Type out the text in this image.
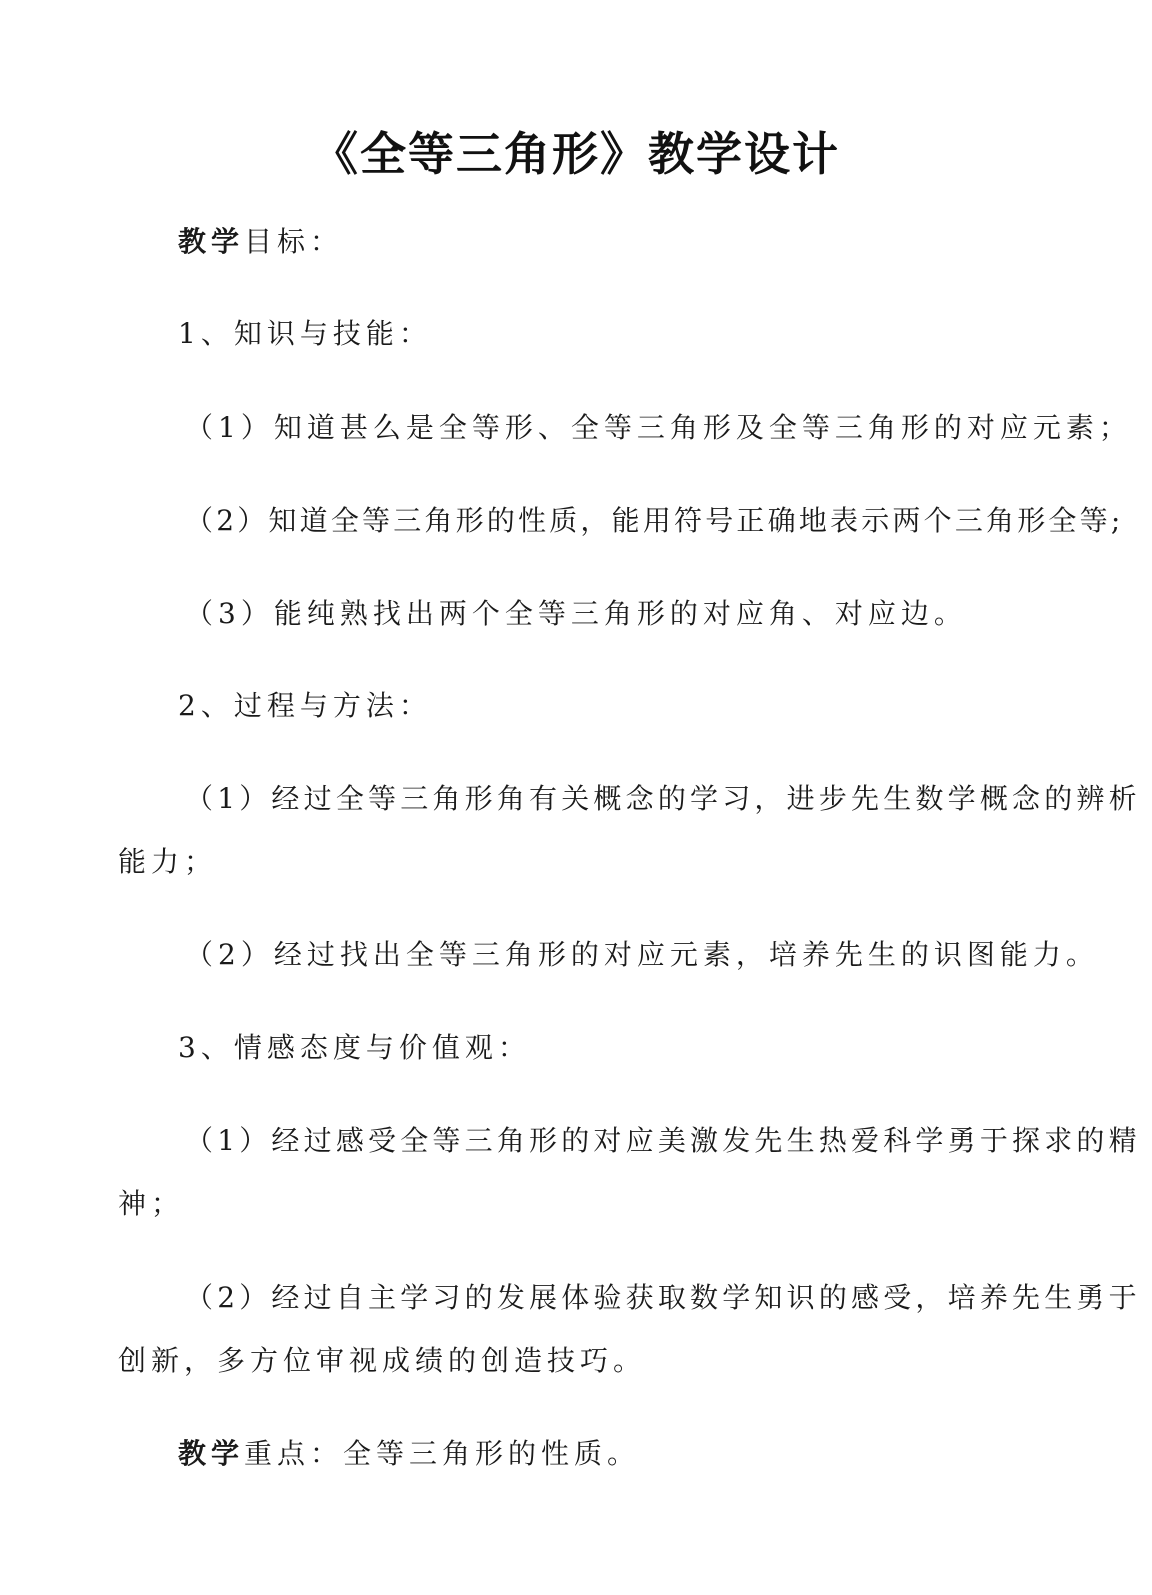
《全等三角形》教学设计
教学目标：
1、知识与技能：
（1）知道甚么是全等形、全等三角形及全等三角形的对应元素；
（2）知道全等三角形的性质，能用符号正确地表示两个三角形全等;
（3）能纯熟找出两个全等三角形的对应角、对应边。
2、过程与方法：
（1）经过全等三角形角有关概念的学习，进步先生数学概念的辨析
能力；
（2）经过找出全等三角形的对应元素，培养先生的识图能力。
3、情感态度与价值观：
（1）经过感受全等三角形的对应美激发先生热爱科学勇于探求的精
神；
（2）经过自主学习的发展体验获取数学知识的感受，培养先生勇于
创新，多方位审视成绩的创造技巧。
教学重点：全等三角形的性质。
